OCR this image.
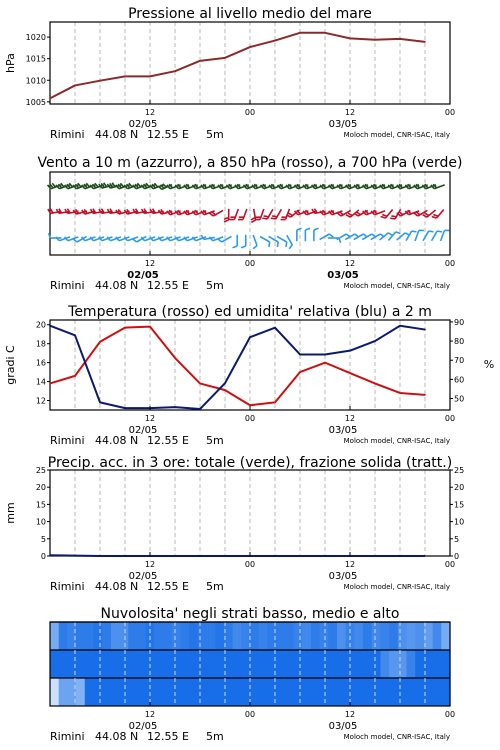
Pressione al livello medio del mare
1005
1010
1015
1020
hPa
12	00	12	00
02/05	03/05
Rimini 44.08 N 12.55 E 5m	Moloch model, CNR-ISAC, Italy
Vento a 10 m (azzurro), a 850 hPa (rosso), a 700 hPa (verde)
12	00	12	00
02/05	03/05
Rimini 44.08 N 12.55 E 5m	Moloch model, CNR-ISAC, Italy
Temperatura (rosso) ed umidita' relativa (blu) a 2 m
12
14
16
18
20
50
60
70
80
90
gradi C	%
12	00	12	00
02/05	03/05
Rimini 44.08 N 12.55 E 5m	Moloch model, CNR-ISAC, Italy
Precip. acc. in 3 ore: totale (verde), frazione solida (tratt.)
0
5
10
15
20
25
0
5
10
15
20
25
mm
12	00	12	00
02/05	03/05
Rimini 44.08 N 12.55 E 5m	Moloch model, CNR-ISAC, Italy
Nuvolosita' negli strati basso, medio e alto
12	00	12	00
02/05	03/05
Rimini 44.08 N 12.55 E 5m	Moloch model, CNR-ISAC, Italy
